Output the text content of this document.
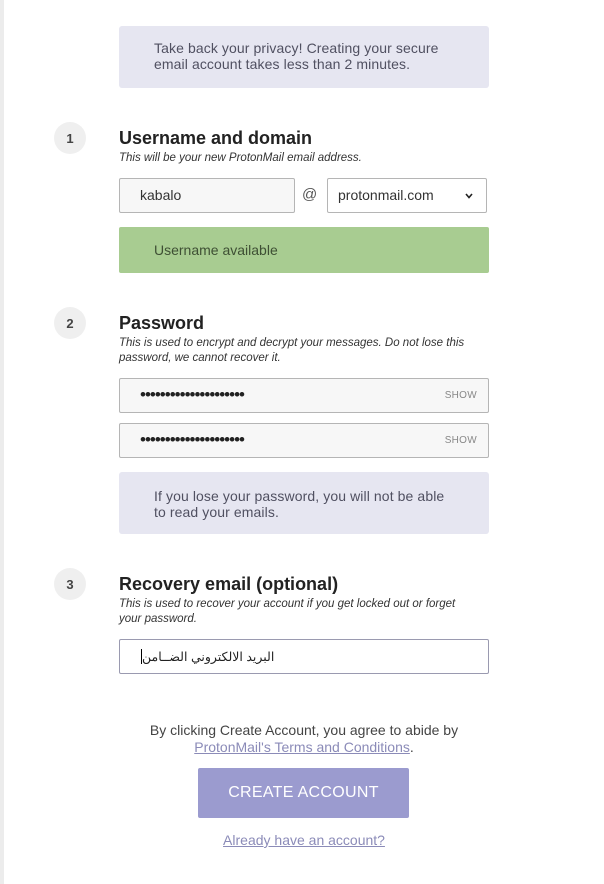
Take back your privacy! Creating your secure
email account takes less than 2 minutes.
1	Username and domain
This will be your new ProtonMail email address.
kabalo	@ protonmail.com
Username available
2	Password
This is used to encrypt and decrypt your messages. Do not lose this
password, we cannot recover it.
•••••••••••••••••••••	SHOW
•••••••••••••••••••••	SHOW
If you lose your password, you will not be able
to read your emails.
3	Recovery email (optional)
This is used to recover your account if you get locked out or forget
your password.
البريد الالكتروني الضــامن
By clicking Create Account, you agree to abide by
ProtonMail's Terms and Conditions.
CREATE ACCOUNT
Already have an account?
